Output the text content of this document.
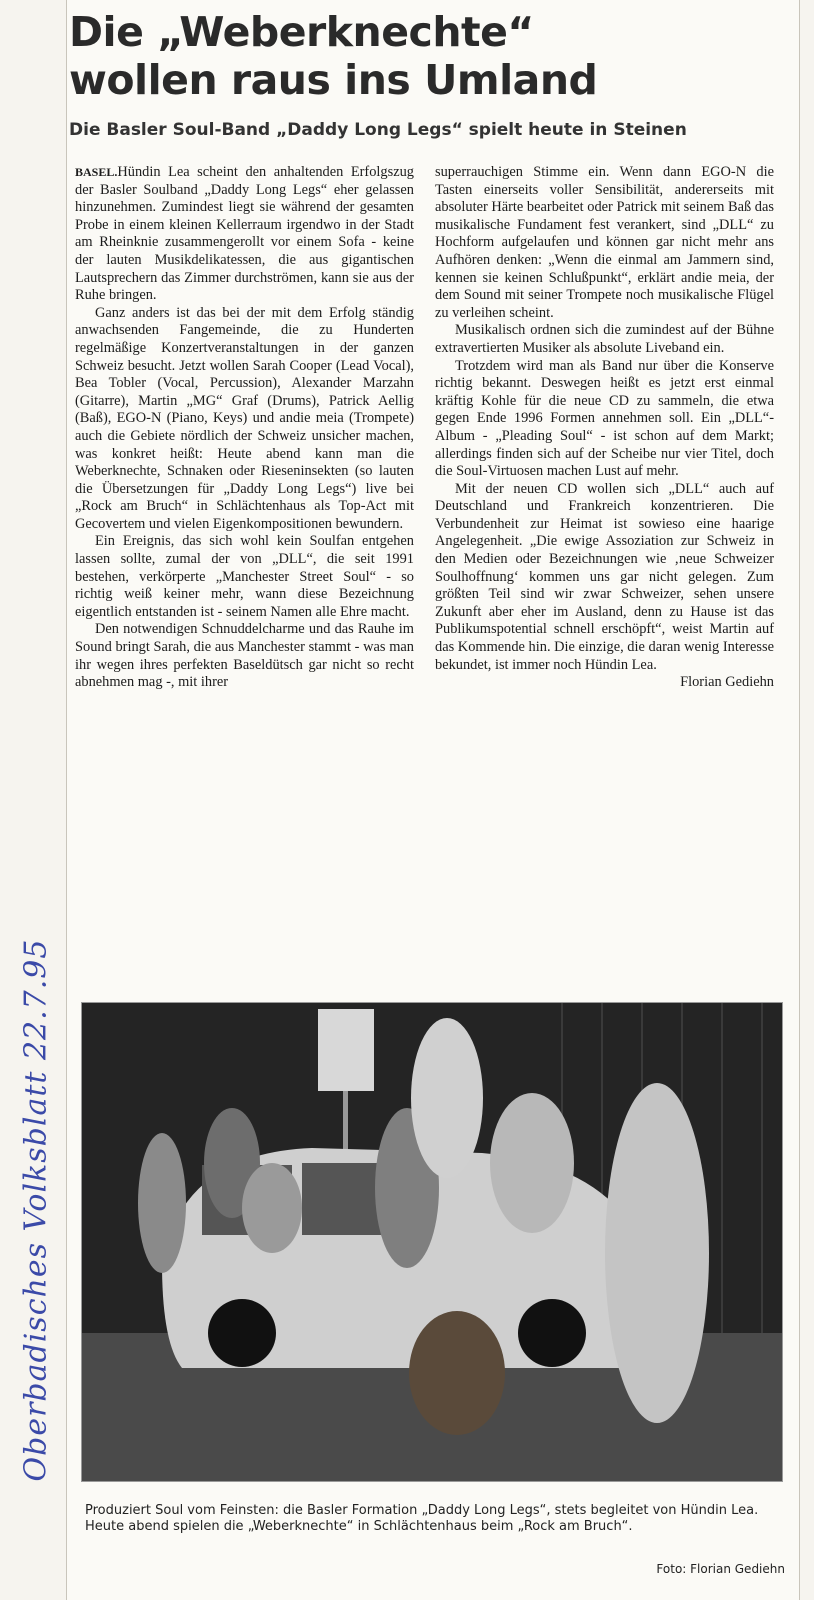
Oberbadisches Volksblatt 22.7.95
Die „Weberknechte“
wollen raus ins Umland
Die Basler Soul-Band „Daddy Long Legs“ spielt heute in Steinen

BASEL.Hündin Lea scheint den anhaltenden Erfolgszug der Basler Soulband „Daddy Long Legs“ eher gelassen hinzunehmen. Zumindest liegt sie während der gesamten Probe in einem kleinen Kellerraum irgendwo in der Stadt am Rheinknie zusammengerollt vor einem Sofa - keine der lauten Musikdelikatessen, die aus gigantischen Lautsprechern das Zimmer durchströmen, kann sie aus der Ruhe bringen.

Ganz anders ist das bei der mit dem Erfolg ständig anwachsenden Fangemeinde, die zu Hunderten regelmäßige Konzertveranstaltungen in der ganzen Schweiz besucht. Jetzt wollen Sarah Cooper (Lead Vocal), Bea Tobler (Vocal, Percussion), Alexander Marzahn (Gitarre), Martin „MG“ Graf (Drums), Patrick Aellig (Baß), EGO-N (Piano, Keys) und andie meia (Trompete) auch die Gebiete nördlich der Schweiz unsicher machen, was konkret heißt: Heute abend kann man die Weberknechte, Schnaken oder Rieseninsekten (so lauten die Übersetzungen für „Daddy Long Legs“) live bei „Rock am Bruch“ in Schlächtenhaus als Top-Act mit Gecovertem und vielen Eigenkompositionen bewundern.

Ein Ereignis, das sich wohl kein Soulfan entgehen lassen sollte, zumal der von „DLL“, die seit 1991 bestehen, verkörperte „Manchester Street Soul“ - so richtig weiß keiner mehr, wann diese Bezeichnung eigentlich entstanden ist - seinem Namen alle Ehre macht.

Den notwendigen Schnuddelcharme und das Rauhe im Sound bringt Sarah, die aus Manchester stammt - was man ihr wegen ihres perfekten Baseldütsch gar nicht so recht abnehmen mag -, mit ihrer

superrauchigen Stimme ein. Wenn dann EGO-N die Tasten einerseits voller Sensibilität, andererseits mit absoluter Härte bearbeitet oder Patrick mit seinem Baß das musikalische Fundament fest verankert, sind „DLL“ zu Hochform aufgelaufen und können gar nicht mehr ans Aufhören denken: „Wenn die einmal am Jammern sind, kennen sie keinen Schlußpunkt“, erklärt andie meia, der dem Sound mit seiner Trompete noch musikalische Flügel zu verleihen scheint.

Musikalisch ordnen sich die zumindest auf der Bühne extravertierten Musiker als absolute Liveband ein.

Trotzdem wird man als Band nur über die Konserve richtig bekannt. Deswegen heißt es jetzt erst einmal kräftig Kohle für die neue CD zu sammeln, die etwa gegen Ende 1996 Formen annehmen soll. Ein „DLL“-Album - „Pleading Soul“ - ist schon auf dem Markt; allerdings finden sich auf der Scheibe nur vier Titel, doch die Soul-Virtuosen machen Lust auf mehr.

Mit der neuen CD wollen sich „DLL“ auch auf Deutschland und Frankreich konzentrieren. Die Verbundenheit zur Heimat ist sowieso eine haarige Angelegenheit. „Die ewige Assoziation zur Schweiz in den Medien oder Bezeichnungen wie ‚neue Schweizer Soulhoffnung‘ kommen uns gar nicht gelegen. Zum größten Teil sind wir zwar Schweizer, sehen unsere Zukunft aber eher im Ausland, denn zu Hause ist das Publikumspotential schnell erschöpft“, weist Martin auf das Kommende hin. Die einzige, die daran wenig Interesse bekundet, ist immer noch Hündin Lea.

Florian Gediehn

Produziert Soul vom Feinsten: die Basler Formation „Daddy Long Legs“, stets begleitet von Hündin Lea. Heute abend spielen die „Weberknechte“ in Schlächtenhaus beim „Rock am Bruch“.
Foto: Florian Gediehn
